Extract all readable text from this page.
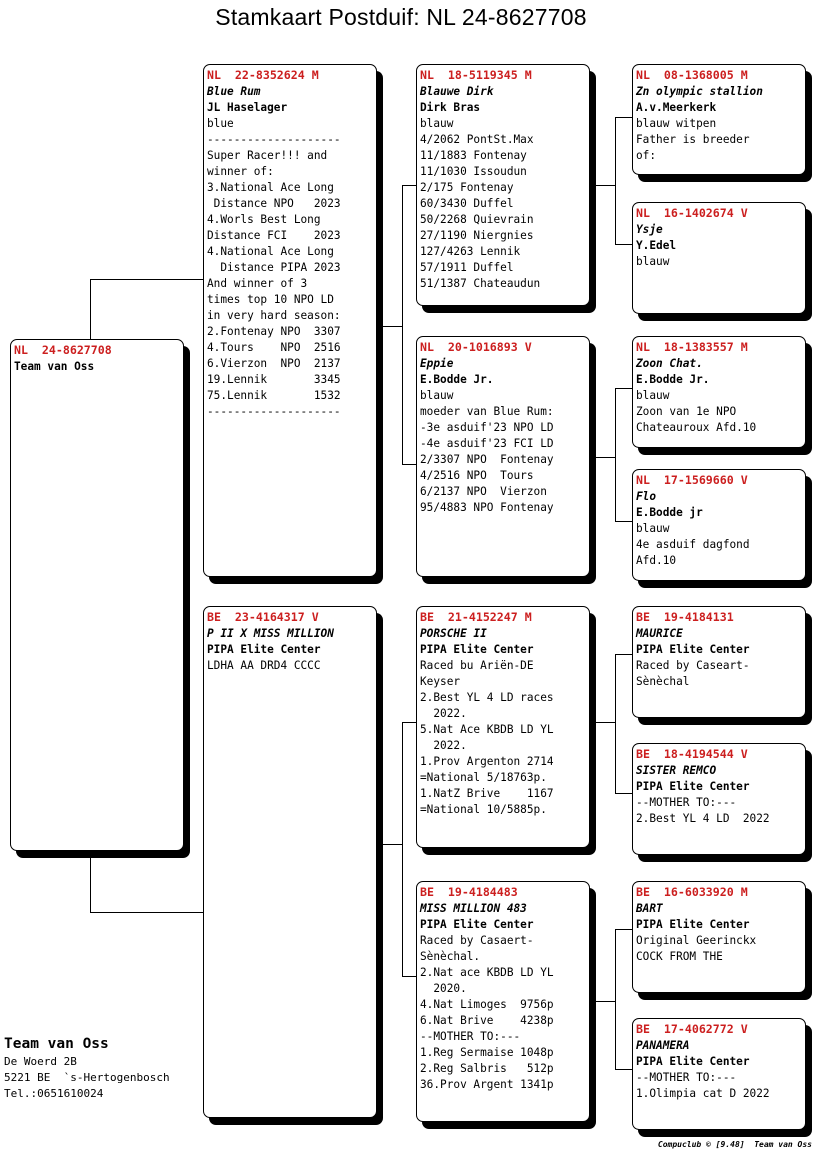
Stamkaart Postduif: NL 24-8627708
NL  24-8627708
Team van Oss
NL  22-8352624 M
Blue Rum
JL Haselager
blue
--------------------
Super Racer!!! and
winner of:
3.National Ace Long
Distance NPO   2023
4.Worls Best Long
Distance FCI    2023
4.National Ace Long
Distance PIPA 2023
And winner of 3
times top 10 NPO LD
in very hard season:
2.Fontenay NPO  3307
4.Tours    NPO  2516
6.Vierzon  NPO  2137
19.Lennik       3345
75.Lennik       1532
--------------------
BE  23-4164317 V
P II X MISS MILLION
PIPA Elite Center
LDHA AA DRD4 CCCC
NL  18-5119345 M
Blauwe Dirk
Dirk Bras
blauw
4/2062 PontSt.Max
11/1883 Fontenay
11/1030 Issoudun
2/175 Fontenay
60/3430 Duffel
50/2268 Quievrain
27/1190 Niergnies
127/4263 Lennik
57/1911 Duffel
51/1387 Chateaudun
NL  20-1016893 V
Eppie
E.Bodde Jr.
blauw
moeder van Blue Rum:
-3e asduif'23 NPO LD
-4e asduif'23 FCI LD
2/3307 NPO  Fontenay
4/2516 NPO  Tours
6/2137 NPO  Vierzon
95/4883 NPO Fontenay
BE  21-4152247 M
PORSCHE II
PIPA Elite Center
Raced bu Ariën-DE
Keyser
2.Best YL 4 LD races
2022.
5.Nat Ace KBDB LD YL
2022.
1.Prov Argenton 2714
=National 5/18763p.
1.NatZ Brive    1167
=National 10/5885p.
BE  19-4184483
MISS MILLION 483
PIPA Elite Center
Raced by Casaert-
Sènèchal.
2.Nat ace KBDB LD YL
2020.
4.Nat Limoges  9756p
6.Nat Brive    4238p
--MOTHER TO:---
1.Reg Sermaise 1048p
2.Reg Salbris   512p
36.Prov Argent 1341p
NL  08-1368005 M
Zn olympic stallion
A.v.Meerkerk
blauw witpen
Father is breeder
of:
NL  16-1402674 V
Ysje
Y.Edel
blauw
NL  18-1383557 M
Zoon Chat.
E.Bodde Jr.
blauw
Zoon van 1e NPO
Chateauroux Afd.10
NL  17-1569660 V
Flo
E.Bodde jr
blauw
4e asduif dagfond
Afd.10
BE  19-4184131
MAURICE
PIPA Elite Center
Raced by Caseart-
Sènèchal
BE  18-4194544 V
SISTER REMCO
PIPA Elite Center
--MOTHER TO:---
2.Best YL 4 LD  2022
BE  16-6033920 M
BART
PIPA Elite Center
Original Geerinckx
COCK FROM THE
BE  17-4062772 V
PANAMERA
PIPA Elite Center
--MOTHER TO:---
1.Olimpia cat D 2022
Team van Oss
De Woerd 2B
5221 BE  `s-Hertogenbosch
Tel.:0651610024
Compuclub © [9.48]  Team van Oss
